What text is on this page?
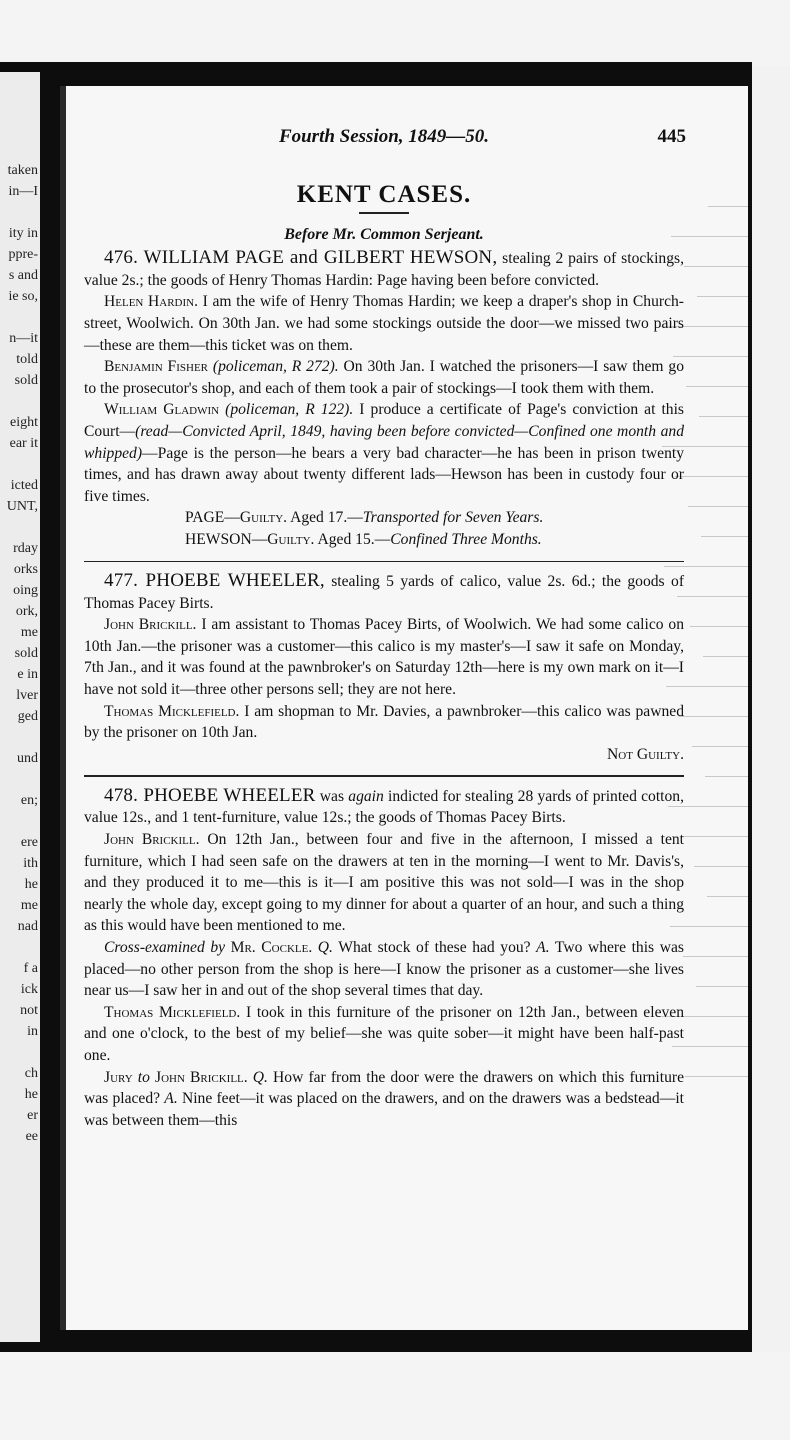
taken
in—I
ity in
ppre-
s and
ie so,
n—it
told
sold
eight
ear it
icted
UNT,
rday
orks
oing
ork,
me
sold
e in
lver
ged
und
en;
ere
ith
he
me
nad
f a
ick
not
in
ch
he
er
ee
Fourth Session, 1849—50.	445
KENT CASES.
Before Mr. Common Serjeant.

476. WILLIAM PAGE and GILBERT HEWSON, stealing 2 pairs of stockings, value 2s.; the goods of Henry Thomas Hardin: Page having been before convicted.

Helen Hardin. I am the wife of Henry Thomas Hardin; we keep a draper's shop in Church-street, Woolwich. On 30th Jan. we had some stockings outside the door—we missed two pairs—these are them—this ticket was on them.

Benjamin Fisher (policeman, R 272). On 30th Jan. I watched the prisoners—I saw them go to the prosecutor's shop, and each of them took a pair of stockings—I took them with them.

William Gladwin (policeman, R 122). I produce a certificate of Page's conviction at this Court—(read—Convicted April, 1849, having been before convicted—Confined one month and whipped)—Page is the person—he bears a very bad character—he has been in prison twenty times, and has drawn away about twenty different lads—Hewson has been in custody four or five times.

PAGE—Guilty. Aged 17.—Transported for Seven Years.

HEWSON—Guilty. Aged 15.—Confined Three Months.

477. PHOEBE WHEELER, stealing 5 yards of calico, value 2s. 6d.; the goods of Thomas Pacey Birts.

John Brickill. I am assistant to Thomas Pacey Birts, of Woolwich. We had some calico on 10th Jan.—the prisoner was a customer—this calico is my master's—I saw it safe on Monday, 7th Jan., and it was found at the pawnbroker's on Saturday 12th—here is my own mark on it—I have not sold it—three other persons sell; they are not here.

Thomas Micklefield. I am shopman to Mr. Davies, a pawnbroker—this calico was pawned by the prisoner on 10th Jan.

Not Guilty.

478. PHOEBE WHEELER was again indicted for stealing 28 yards of printed cotton, value 12s., and 1 tent-furniture, value 12s.; the goods of Thomas Pacey Birts.

John Brickill. On 12th Jan., between four and five in the afternoon, I missed a tent furniture, which I had seen safe on the drawers at ten in the morning—I went to Mr. Davis's, and they produced it to me—this is it—I am positive this was not sold—I was in the shop nearly the whole day, except going to my dinner for about a quarter of an hour, and such a thing as this would have been mentioned to me.

Cross-examined by Mr. Cockle. Q. What stock of these had you? A. Two where this was placed—no other person from the shop is here—I know the prisoner as a customer—she lives near us—I saw her in and out of the shop several times that day.

Thomas Micklefield. I took in this furniture of the prisoner on 12th Jan., between eleven and one o'clock, to the best of my belief—she was quite sober—it might have been half-past one.

Jury to John Brickill. Q. How far from the door were the drawers on which this furniture was placed? A. Nine feet—it was placed on the drawers, and on the drawers was a bedstead—it was between them—this
